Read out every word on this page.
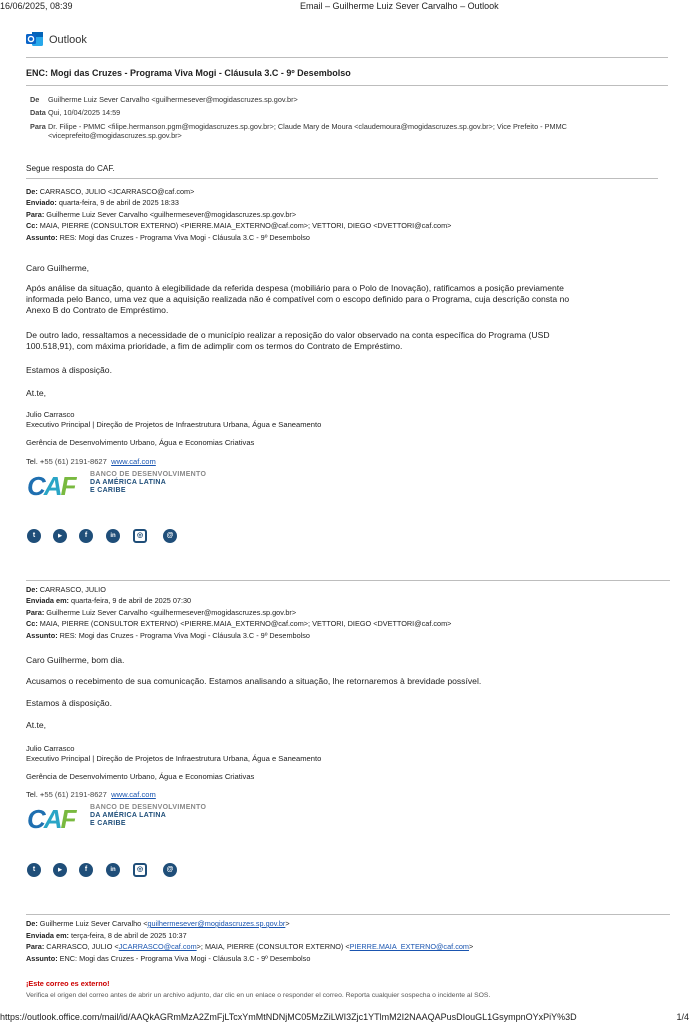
16/06/2025, 08:39	Email – Guilherme Luiz Sever Carvalho – Outlook
Outlook
ENC: Mogi das Cruzes - Programa Viva Mogi - Cláusula 3.C - 9º Desembolso
De Guilherme Luiz Sever Carvalho <guilhermesever@mogidascruzes.sp.gov.br>
Data Qui, 10/04/2025 14:59
Para Dr. Filipe - PMMC <filipe.hermanson.pgm@mogidascruzes.sp.gov.br>; Claude Mary de Moura <claudemoura@mogidascruzes.sp.gov.br>; Vice Prefeito - PMMC
<viceprefeito@mogidascruzes.sp.gov.br>
Segue resposta do CAF.
De: CARRASCO, JULIO <JCARRASCO@caf.com>
Enviado: quarta-feira, 9 de abril de 2025 18:33
Para: Guilherme Luiz Sever Carvalho <guilhermesever@mogidascruzes.sp.gov.br>
Cc: MAIA, PIERRE (CONSULTOR EXTERNO) <PIERRE.MAIA_EXTERNO@caf.com>; VETTORI, DIEGO <DVETTORI@caf.com>
Assunto: RES: Mogi das Cruzes - Programa Viva Mogi - Cláusula 3.C - 9º Desembolso
Caro Guilherme,
Após análise da situação, quanto à elegibilidade da referida despesa (mobiliário para o Polo de Inovação), ratificamos a posição previamente
informada pelo Banco, uma vez que a aquisição realizada não é compatível com o escopo definido para o Programa, cuja descrição consta no
Anexo B do Contrato de Empréstimo.
De outro lado, ressaltamos a necessidade de o município realizar a reposição do valor observado na conta específica do Programa (USD
100.518,91), com máxima prioridade, a fim de adimplir com os termos do Contrato de Empréstimo.
Estamos à disposição.
At.te,
Julio Carrasco
Executivo Principal | Direção de Projetos de Infraestrutura Urbana, Água e Saneamento
Gerência de Desenvolvimento Urbano, Água e Economias Criativas
Tel. +55 (61) 2191-8627 www.caf.com
CAF BANCO DE DESENVOLVIMENTO
DA AMÉRICA LATINA
E CARIBE
t	▶	f	in	◎	@
De: CARRASCO, JULIO
Enviada em: quarta-feira, 9 de abril de 2025 07:30
Para: Guilherme Luiz Sever Carvalho <guilhermesever@mogidascruzes.sp.gov.br>
Cc: MAIA, PIERRE (CONSULTOR EXTERNO) <PIERRE.MAIA_EXTERNO@caf.com>; VETTORI, DIEGO <DVETTORI@caf.com>
Assunto: RES: Mogi das Cruzes - Programa Viva Mogi - Cláusula 3.C - 9º Desembolso
Caro Guilherme, bom dia.
Acusamos o recebimento de sua comunicação. Estamos analisando a situação, lhe retornaremos à brevidade possível.
Estamos à disposição.
At.te,
Julio Carrasco
Executivo Principal | Direção de Projetos de Infraestrutura Urbana, Água e Saneamento
Gerência de Desenvolvimento Urbano, Água e Economias Criativas
Tel. +55 (61) 2191-8627 www.caf.com
CAF BANCO DE DESENVOLVIMENTO
DA AMÉRICA LATINA
E CARIBE
t	▶	f	in	◎	@
De: Guilherme Luiz Sever Carvalho <guilhermesever@mogidascruzes.sp.gov.br>
Enviada em: terça-feira, 8 de abril de 2025 10:37
Para: CARRASCO, JULIO <JCARRASCO@caf.com>; MAIA, PIERRE (CONSULTOR EXTERNO) <PIERRE.MAIA_EXTERNO@caf.com>
Assunto: ENC: Mogi das Cruzes - Programa Viva Mogi - Cláusula 3.C - 9º Desembolso
¡Este correo es externo!
Verifica el origen del correo antes de abrir un archivo adjunto, dar clic en un enlace o responder el correo. Reporta cualquier sospecha o incidente al SOS.
https://outlook.office.com/mail/id/AAQkAGRmMzA2ZmFjLTcxYmMtNDNjMC05MzZiLWI3Zjc1YTlmM2I2NAAQAPusDIouGL1GsympnOYxPiY%3D	1/4
